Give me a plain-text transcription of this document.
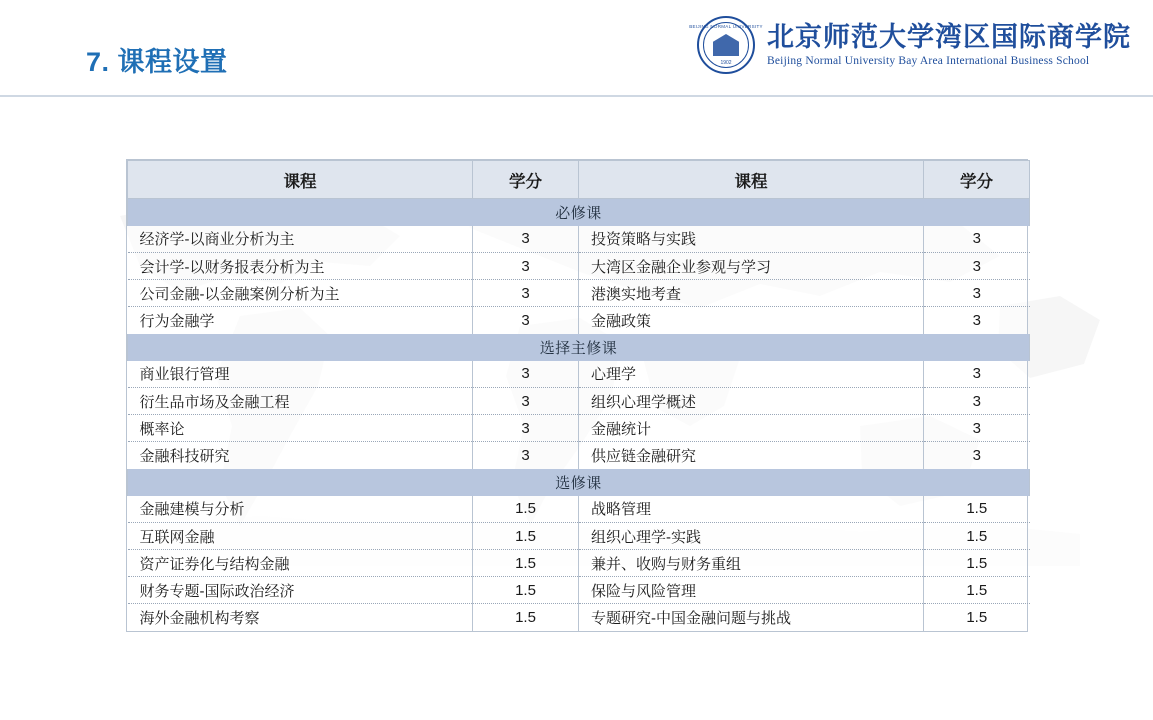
7. 课程设置
BEIJING NORMAL UNIVERSITY
1902
北京师范大学湾区国际商学院
Beijing Normal University Bay Area International Business School
课程	学分	课程	学分
必修课			
经济学-以商业分析为主	3	投资策略与实践	3
会计学-以财务报表分析为主	3	大湾区金融企业参观与学习	3
公司金融-以金融案例分析为主	3	港澳实地考查	3
行为金融学	3	金融政策	3
选择主修课			
商业银行管理	3	心理学	3
衍生品市场及金融工程	3	组织心理学概述	3
概率论	3	金融统计	3
金融科技研究	3	供应链金融研究	3
选修课			
金融建模与分析	1.5	战略管理	1.5
互联网金融	1.5	组织心理学-实践	1.5
资产证券化与结构金融	1.5	兼并、收购与财务重组	1.5
财务专题-国际政治经济	1.5	保险与风险管理	1.5
海外金融机构考察	1.5	专题研究-中国金融问题与挑战	1.5
